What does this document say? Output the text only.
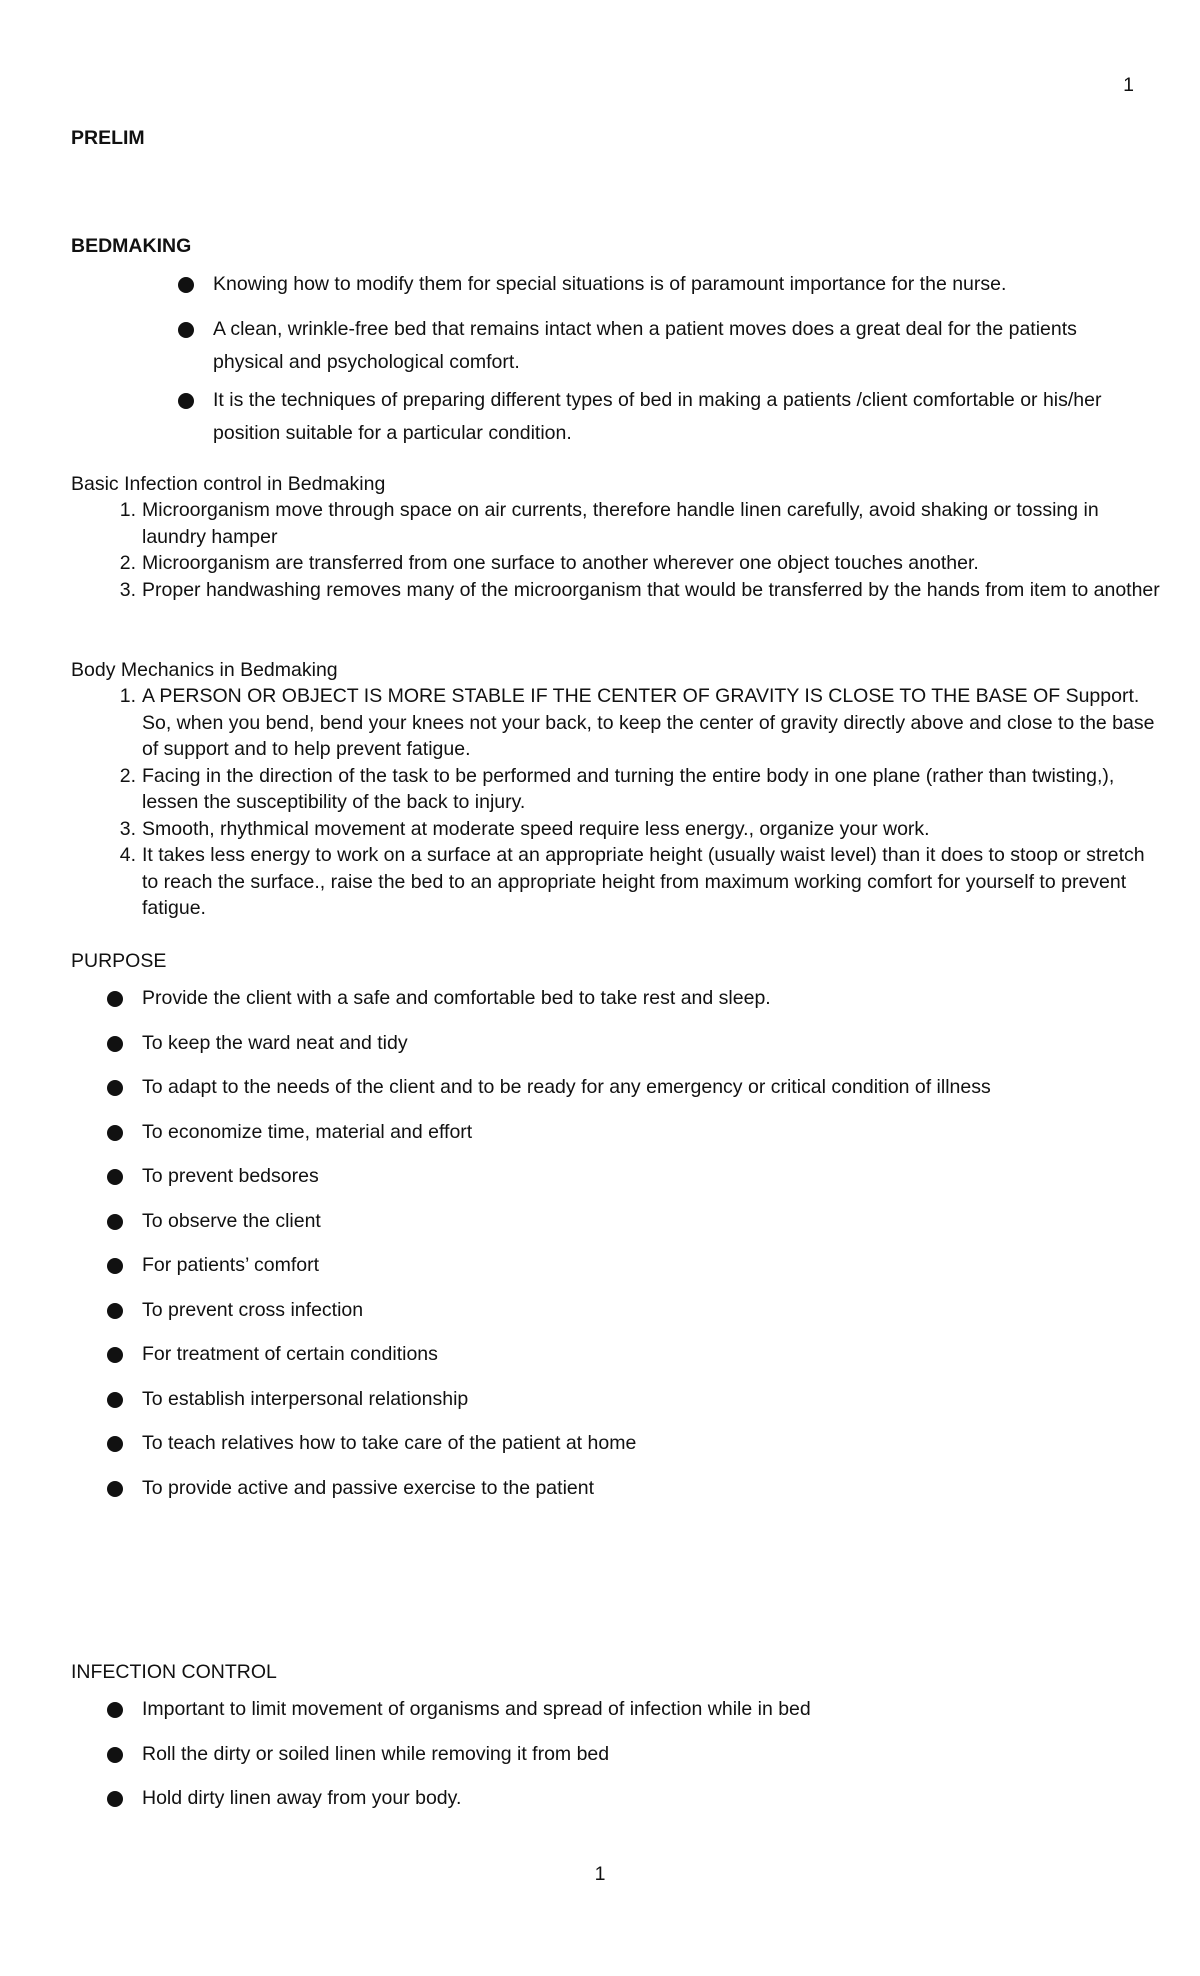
1
PRELIM
BEDMAKING
Knowing how to modify them for special situations is of paramount importance for the nurse.
A clean, wrinkle-free bed that remains intact when a patient moves does a great deal for the patients physical and psychological comfort.
It is the techniques of preparing different types of bed in making a patients /client comfortable or his/her position suitable for a particular condition.
Basic Infection control in Bedmaking
1. Microorganism move through space on air currents, therefore handle linen carefully, avoid shaking or tossing in laundry hamper
2. Microorganism are transferred from one surface to another wherever one object touches another.
3. Proper handwashing removes many of the microorganism that would be transferred by the hands from item to another
Body Mechanics in Bedmaking
1. A PERSON OR OBJECT IS MORE STABLE IF THE CENTER OF GRAVITY IS CLOSE TO THE BASE OF Support. So, when you bend, bend your knees not your back, to keep the center of gravity directly above and close to the base of support and to help prevent fatigue.
2. Facing in the direction of the task to be performed and turning the entire body in one plane (rather than twisting,), lessen the susceptibility of the back to injury.
3. Smooth, rhythmical movement at moderate speed require less energy., organize your work.
4. It takes less energy to work on a surface at an appropriate height (usually waist level) than it does to stoop or stretch to reach the surface., raise the bed to an appropriate height from maximum working comfort for yourself to prevent fatigue.
PURPOSE
Provide the client with a safe and comfortable bed to take rest and sleep.
To keep the ward neat and tidy
To adapt to the needs of the client and to be ready for any emergency or critical condition of illness
To economize time, material and effort
To prevent bedsores
To observe the client
For patients’ comfort
To prevent cross infection
For treatment of certain conditions
To establish interpersonal relationship
To teach relatives how to take care of the patient at home
To provide active and passive exercise to the patient
INFECTION CONTROL
Important to limit movement of organisms and spread of infection while in bed
Roll the dirty or soiled linen while removing it from bed
Hold dirty linen away from your body.
1
